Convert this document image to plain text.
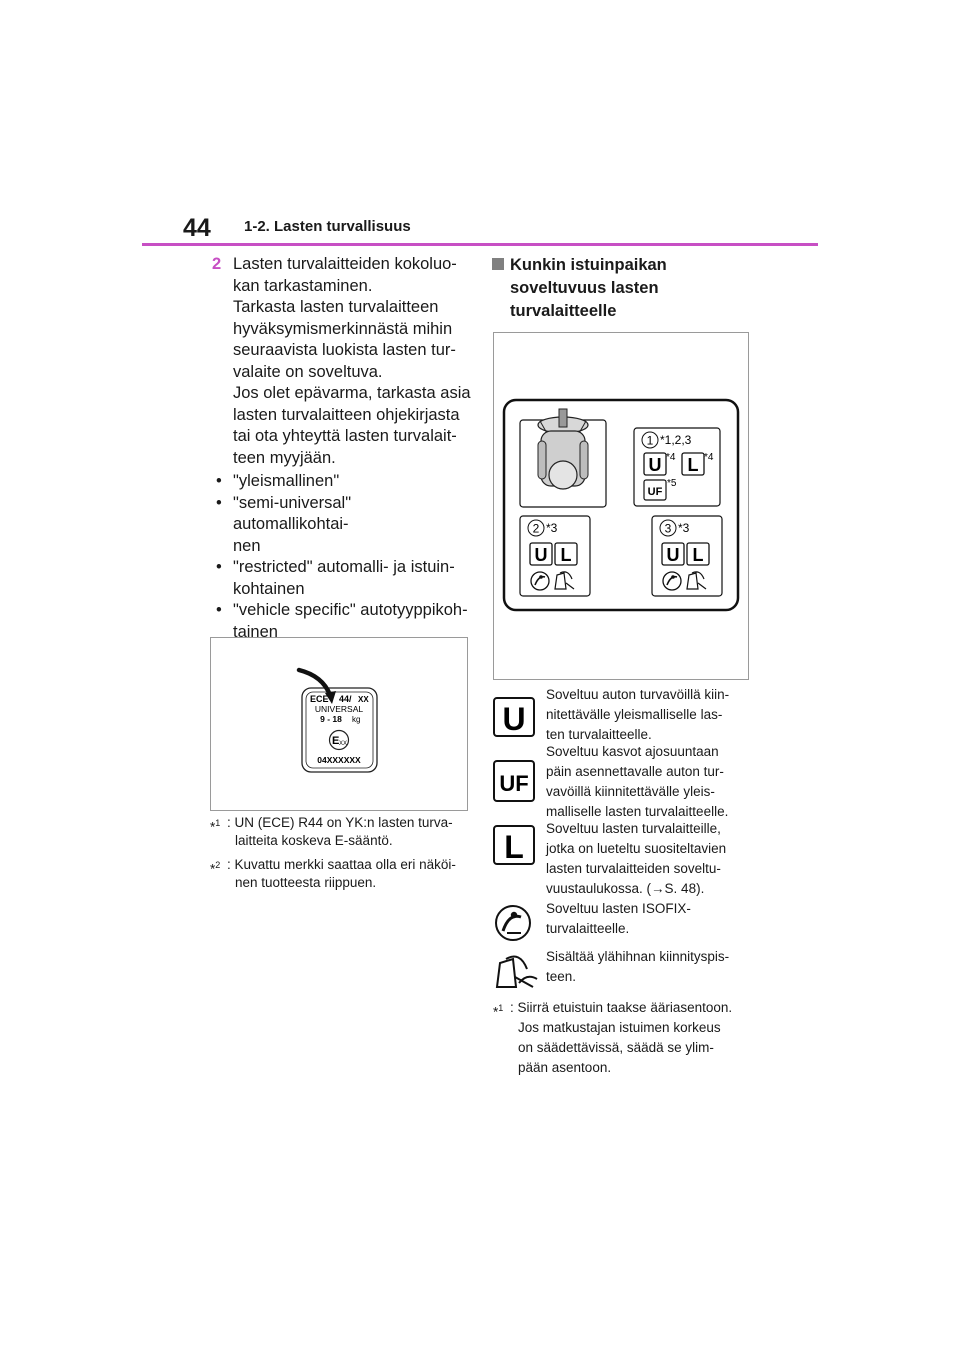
44 1-2. Lasten turvallisuus
2 Lasten turvalaitteiden kokoluo-
kan tarkastaminen.
Tarkasta lasten turvalaitteen
hyväksymismerkinnästä mihin
seuraavista luokista lasten tur-
valaite on soveltuva.
Jos olet epävarma, tarkasta asia
lasten turvalaitteen ohjekirjasta
tai ota yhteyttä lasten turvalait-
teen myyjään.
• "yleismallinen"
• "semi-universal" automallikohtai-
nen
• "restricted" automalli- ja istuin-
kohtainen
• "vehicle specific" autotyyppikoh-
tainen
ECE 44/ XX
UNIVERSAL
9 - 18 kg
E XX
04XXXXXX
*$^1$ : UN (ECE) R44 on YK:n lasten turva-
laitteita koskeva E-sääntö.
*$^2$ : Kuvattu merkki saattaa olla eri näköi-
nen tuotteesta riippuen.
Kunkin istuinpaikan
soveltuvuus lasten
turvalaitteelle
1 *1,2,3
U *4 L *4
UF
*5
2 *3
U L
3 *3
U L
U
Soveltuu auton turvavöillä kiin-
nitettävälle yleismalliselle las-
ten turvalaitteelle.
UF
Soveltuu kasvot ajosuuntaan
päin asennettavalle auton tur-
vavöillä kiinnitettävälle yleis-
malliselle lasten turvalaitteelle.
L
Soveltuu lasten turvalaitteille,
jotka on lueteltu suositeltavien
lasten turvalaitteiden soveltu-
vuustaulukossa. (→S. 48).
Soveltuu lasten ISOFIX-
turvalaitteelle.
Sisältää ylähihnan kiinnityspis-
teen.
*$^1$ : Siirrä etuistuin taakse ääriasentoon.
Jos matkustajan istuimen korkeus
on säädettävissä, säädä se ylim-
pään asentoon.
